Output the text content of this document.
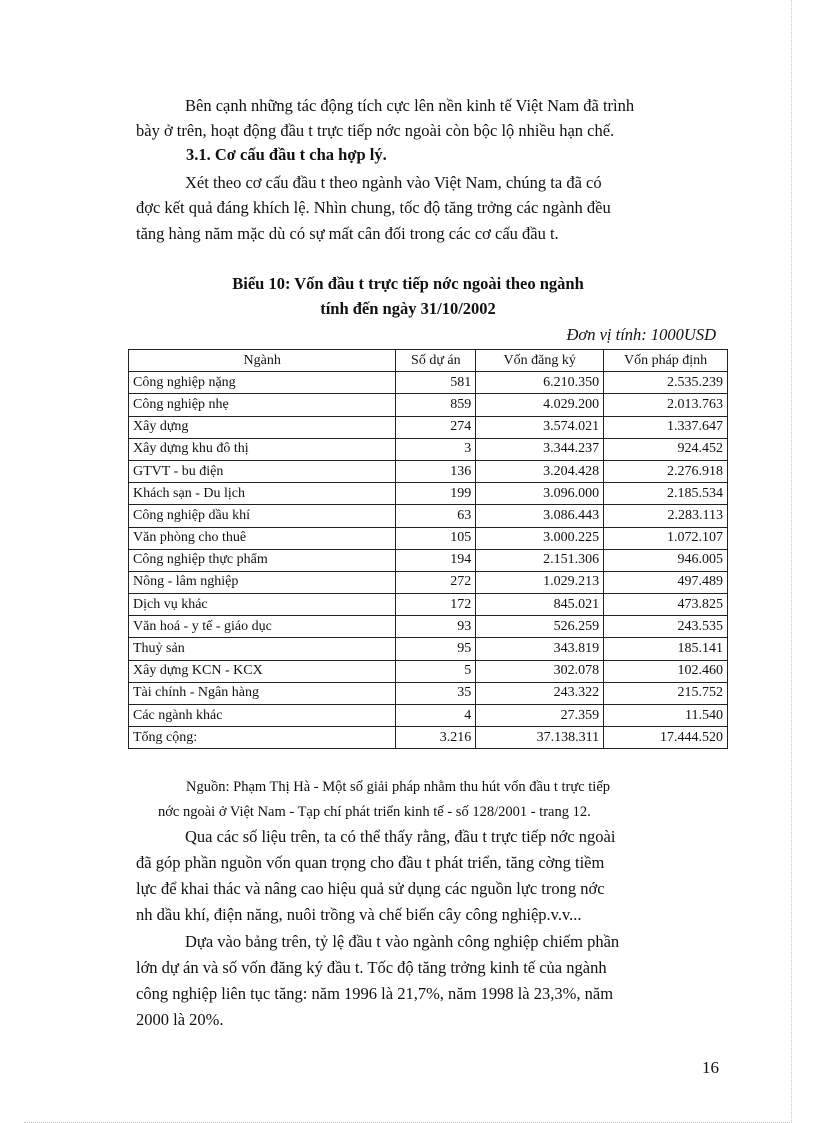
Bên cạnh những tác động tích cực lên nền kinh tế Việt Nam đã trình

bày ở trên, hoạt động đầu t trực tiếp nớc ngoài còn bộc lộ nhiều hạn chế.

3.1. Cơ cấu đầu t cha hợp lý.

Xét theo cơ cấu đầu t theo ngành vào Việt Nam, chúng ta đã có

đợc kết quả đáng khích lệ. Nhìn chung, tốc độ tăng trởng các ngành đều

tăng hàng năm mặc dù có sự mất cân đối trong các cơ cấu đầu t.

Biểu 10: Vốn đầu t trực tiếp nớc ngoài theo ngành

tính đến ngày 31/10/2002

Đơn vị tính: 1000USD

Ngành	Số dự án	Vốn đăng ký	Vốn pháp định
Công nghiệp nặng	581	6.210.350	2.535.239
Công nghiệp nhẹ	859	4.029.200	2.013.763
Xây dựng	274	3.574.021	1.337.647
Xây dựng khu đô thị	3	3.344.237	924.452
GTVT - bu điện	136	3.204.428	2.276.918
Khách sạn - Du lịch	199	3.096.000	2.185.534
Công nghiệp dầu khí	63	3.086.443	2.283.113
Văn phòng cho thuê	105	3.000.225	1.072.107
Công nghiệp thực phẩm	194	2.151.306	946.005
Nông - lâm nghiệp	272	1.029.213	497.489
Dịch vụ khác	172	845.021	473.825
Văn hoá - y tế - giáo dục	93	526.259	243.535
Thuỷ sản	95	343.819	185.141
Xây dựng KCN - KCX	5	302.078	102.460
Tài chính - Ngân hàng	35	243.322	215.752
Các ngành khác	4	27.359	11.540
Tổng cộng:	3.216	37.138.311	17.444.520

Nguồn: Phạm Thị Hà - Một số giải pháp nhằm thu hút vốn đầu t trực tiếp

nớc ngoài ở Việt Nam - Tạp chí phát triển kinh tế - số 128/2001 - trang 12.

Qua các số liệu trên, ta có thể thấy rằng, đầu t trực tiếp nớc ngoài

đã góp phần nguồn vốn quan trọng cho đầu t phát triển, tăng cờng tiềm

lực để khai thác và nâng cao hiệu quả sử dụng các nguồn lực trong nớc

nh dầu khí, điện năng, nuôi trồng và chế biến cây công nghiệp.v.v...

Dựa vào bảng trên, tỷ lệ đầu t vào ngành công nghiệp chiếm phần

lớn dự án và số vốn đăng ký đầu t. Tốc độ tăng trởng kinh tế của ngành

công nghiệp liên tục tăng: năm 1996 là 21,7%, năm 1998 là 23,3%, năm

2000 là 20%.

16
